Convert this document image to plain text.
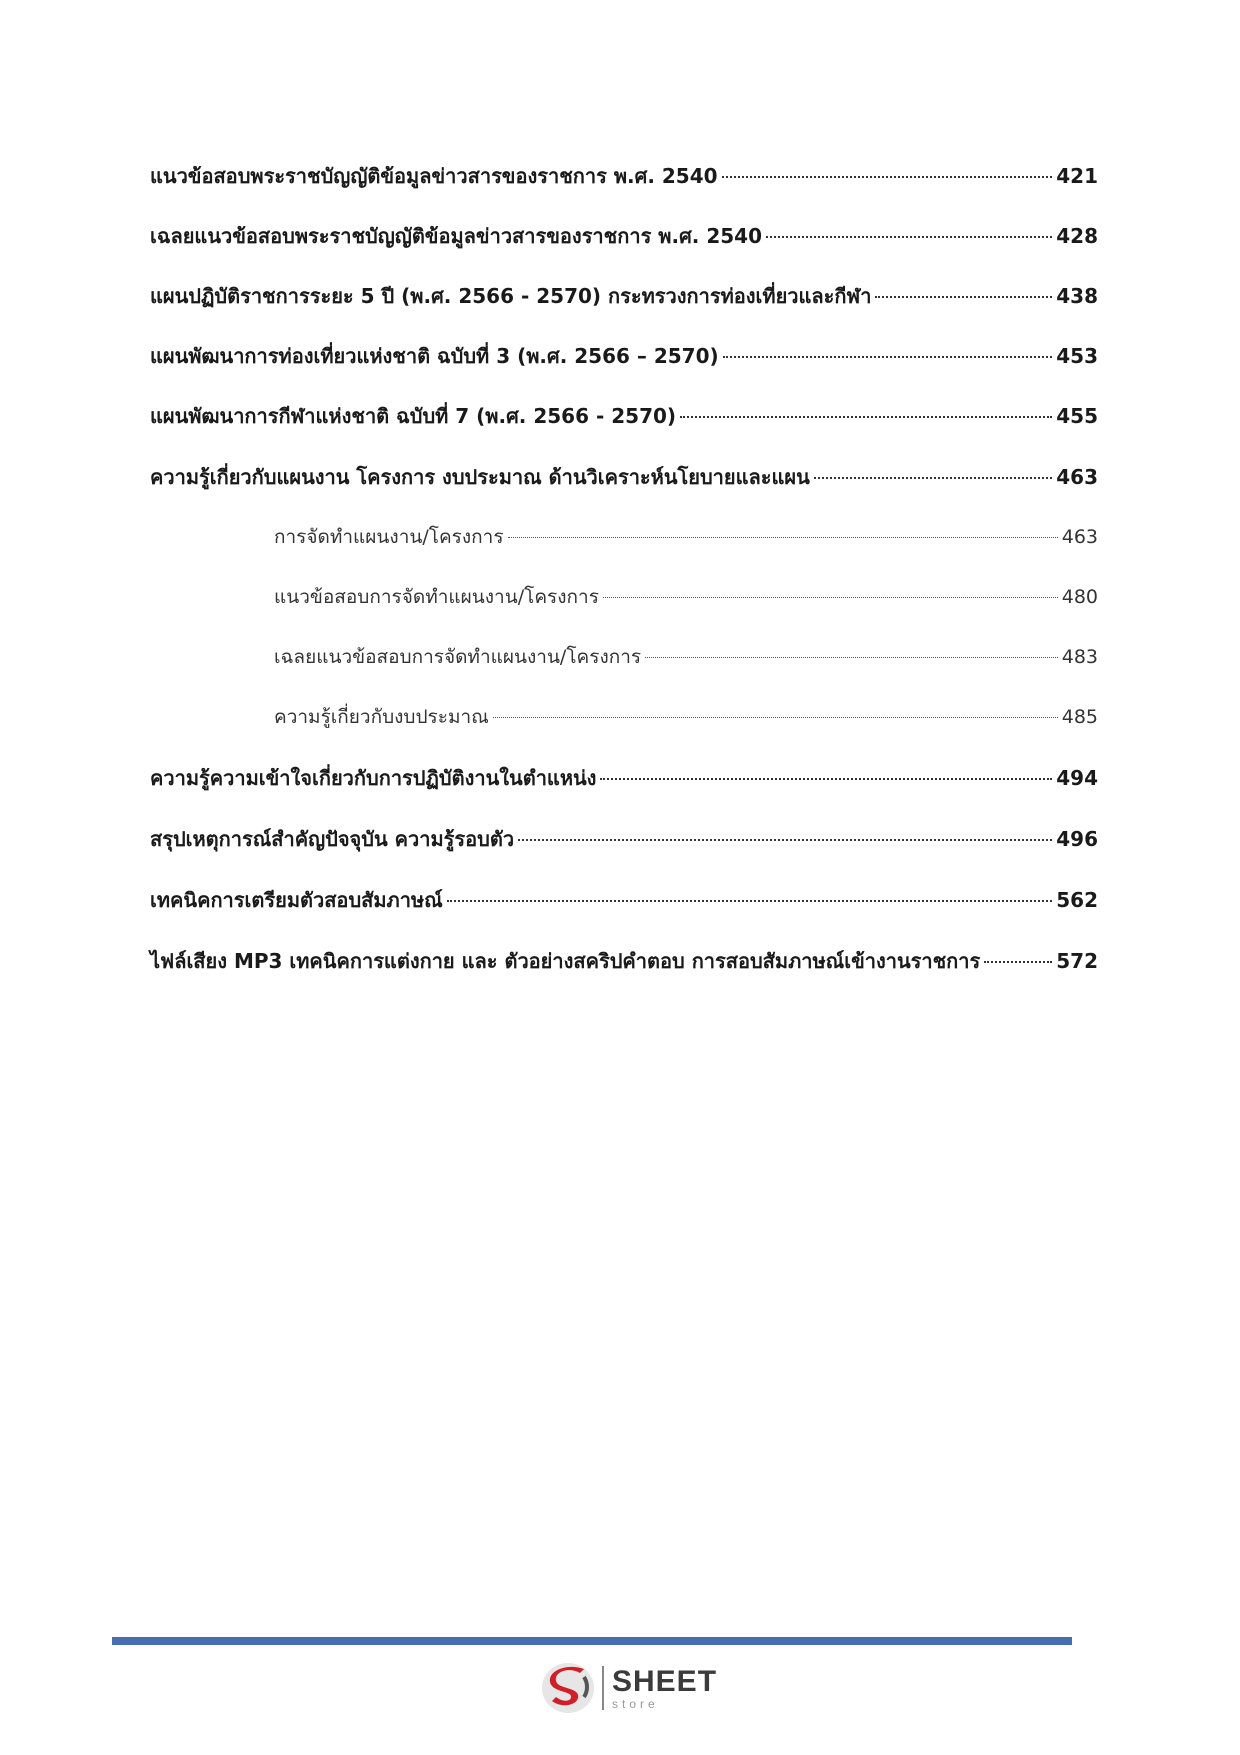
แนวข้อสอบพระราชบัญญัติข้อมูลข่าวสารของราชการ พ.ศ. 2540	421
เฉลยแนวข้อสอบพระราชบัญญัติข้อมูลข่าวสารของราชการ พ.ศ. 2540	428
แผนปฏิบัติราชการระยะ 5 ปี (พ.ศ. 2566 - 2570) กระทรวงการท่องเที่ยวและกีฬา	438
แผนพัฒนาการท่องเที่ยวแห่งชาติ ฉบับที่ 3 (พ.ศ. 2566 – 2570)	453
แผนพัฒนาการกีฬาแห่งชาติ ฉบับที่ 7 (พ.ศ. 2566 - 2570)	455
ความรู้เกี่ยวกับแผนงาน โครงการ งบประมาณ ด้านวิเคราะห์นโยบายและแผน	463
การจัดทำแผนงาน/โครงการ	463
แนวข้อสอบการจัดทำแผนงาน/โครงการ	480
เฉลยแนวข้อสอบการจัดทำแผนงาน/โครงการ	483
ความรู้เกี่ยวกับงบประมาณ	485
ความรู้ความเข้าใจเกี่ยวกับการปฏิบัติงานในตำแหน่ง	494
สรุปเหตุการณ์สำคัญปัจจุบัน ความรู้รอบตัว	496
เทคนิคการเตรียมตัวสอบสัมภาษณ์	562
ไฟล์เสียง MP3 เทคนิคการแต่งกาย และ ตัวอย่างสคริปคำตอบ การสอบสัมภาษณ์เข้างานราชการ	572
SHEET
store
